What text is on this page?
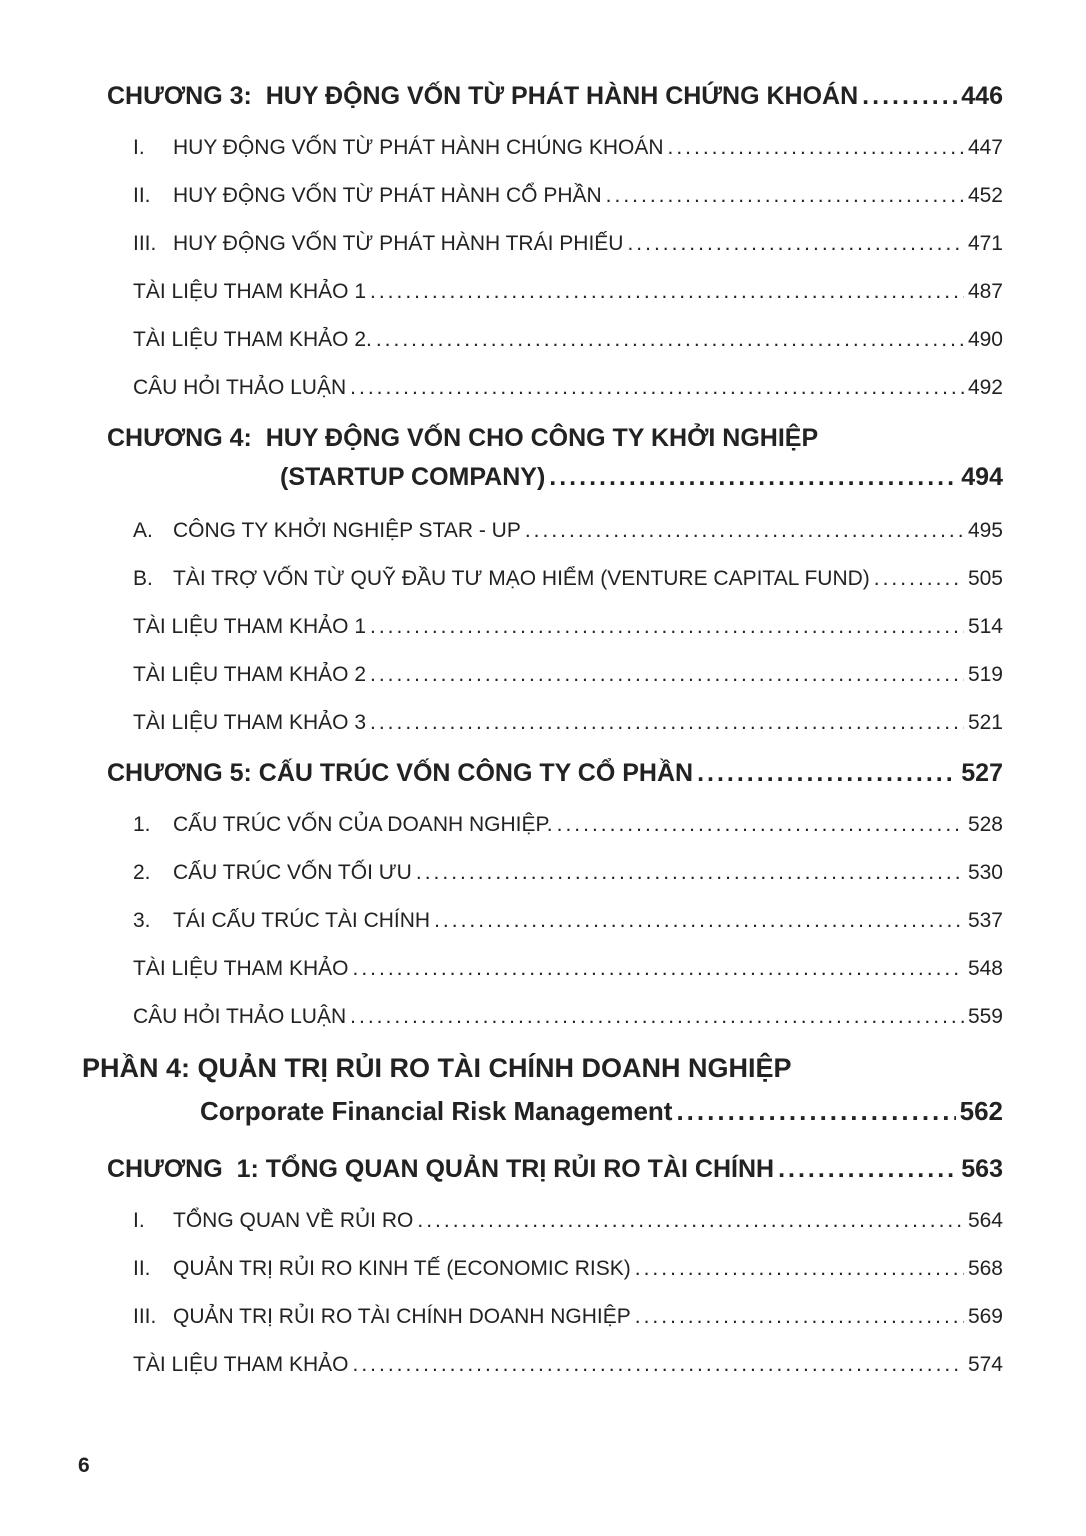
CHƯƠNG 3:  HUY ĐỘNG VỐN TỪ PHÁT HÀNH CHỨNG KHOÁN .....	446
I.	HUY ĐỘNG VỐN TỪ PHÁT HÀNH CHÚNG KHOÁN .....	447
II.	HUY ĐỘNG VỐN TỪ PHÁT HÀNH CỔ PHẦN .....	452
III. HUY ĐỘNG VỐN TỪ PHÁT HÀNH TRÁI PHIẾU .....	471
TÀI LIỆU THAM KHẢO 1 .....	487
TÀI LIỆU THAM KHẢO 2. .....	490
CÂU HỎI THẢO LUẬN .....	492
CHƯƠNG 4:  HUY ĐỘNG VỐN CHO CÔNG TY KHỞI NGHIỆP
(STARTUP COMPANY) .....	494
A. CÔNG TY KHỞI NGHIỆP STAR - UP .....	495
B. TÀI TRỢ VỐN TỪ QUỸ ĐẦU TƯ MẠO HIỂM (VENTURE CAPITAL FUND) .....	505
TÀI LIỆU THAM KHẢO 1 .....	514
TÀI LIỆU THAM KHẢO 2 .....	519
TÀI LIỆU THAM KHẢO 3 .....	521
CHƯƠNG 5: CẤU TRÚC VỐN CÔNG TY CỔ PHẦN .....	527
1.	CẤU TRÚC VỐN CỦA DOANH NGHIỆP. .....	528
2.	CẤU TRÚC VỐN TỐI ƯU .....	530
3.	TÁI CẤU TRÚC TÀI CHÍNH .....	537
TÀI LIỆU THAM KHẢO .....	548
CÂU HỎI THẢO LUẬN .....	559
PHẦN 4: QUẢN TRỊ RỦI RO TÀI CHÍNH DOANH NGHIỆP
Corporate Financial Risk Management .....	562
CHƯƠNG  1: TỔNG QUAN QUẢN TRỊ RỦI RO TÀI CHÍNH .....	563
I.	TỔNG QUAN VỀ RỦI RO .....	564
II.	QUẢN TRỊ RỦI RO KINH TẾ (ECONOMIC RISK) .....	568
III. QUẢN TRỊ RỦI RO TÀI CHÍNH DOANH NGHIỆP .....	569
TÀI LIỆU THAM KHẢO .....	574
6
